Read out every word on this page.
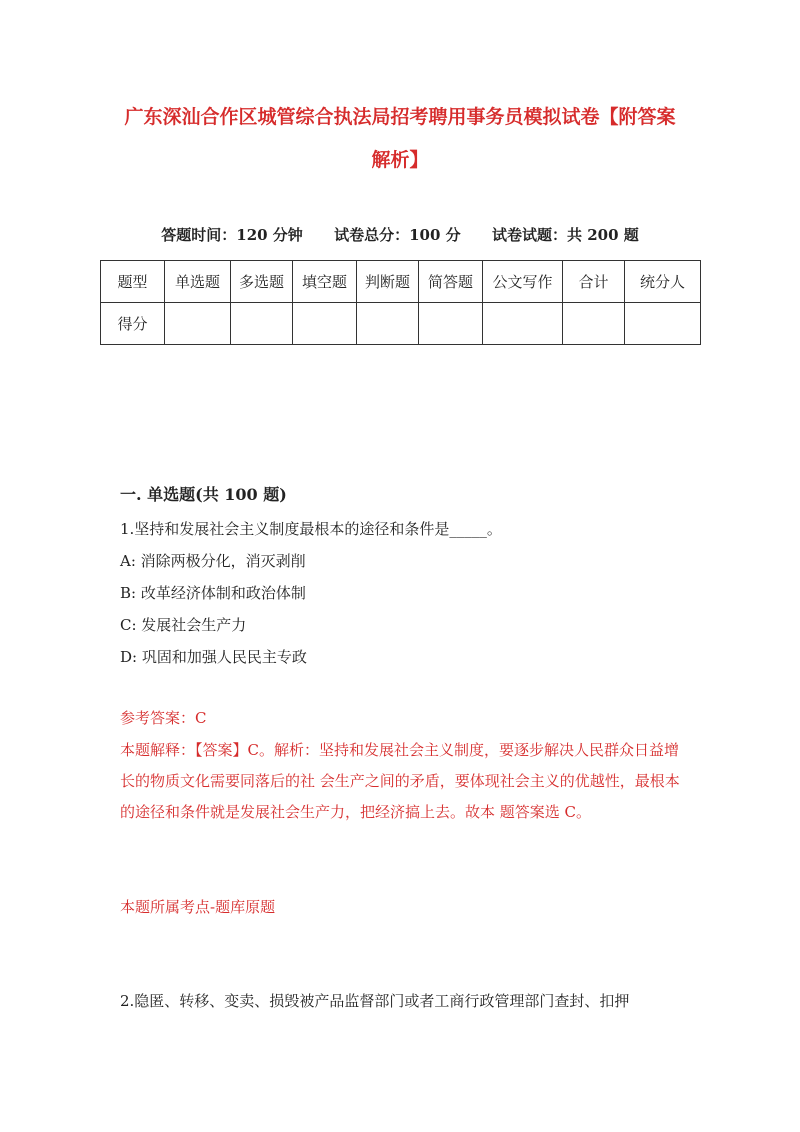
广东深汕合作区城管综合执法局招考聘用事务员模拟试卷【附答案
解析】
答题时间：120 分钟      试卷总分：100 分      试卷试题：共 200 题
题型	单选题	多选题	填空题	判断题	简答题	公文写作	合计	统分人
得分								
一. 单选题(共 100 题)
1.坚持和发展社会主义制度最根本的途径和条件是_____。
A: 消除两极分化，消灭剥削
B: 改革经济体制和政治体制
C: 发展社会生产力
D: 巩固和加强人民民主专政
参考答案：C
本题解释：【答案】C。解析：坚持和发展社会主义制度，要逐步解决人民群众日益增长的物质文化需要同落后的社 会生产之间的矛盾，要体现社会主义的优越性，最根本的途径和条件就是发展社会生产力，把经济搞上去。故本 题答案选 C。
本题所属考点-题库原题
2.隐匿、转移、变卖、损毁被产品监督部门或者工商行政管理部门查封、扣押
